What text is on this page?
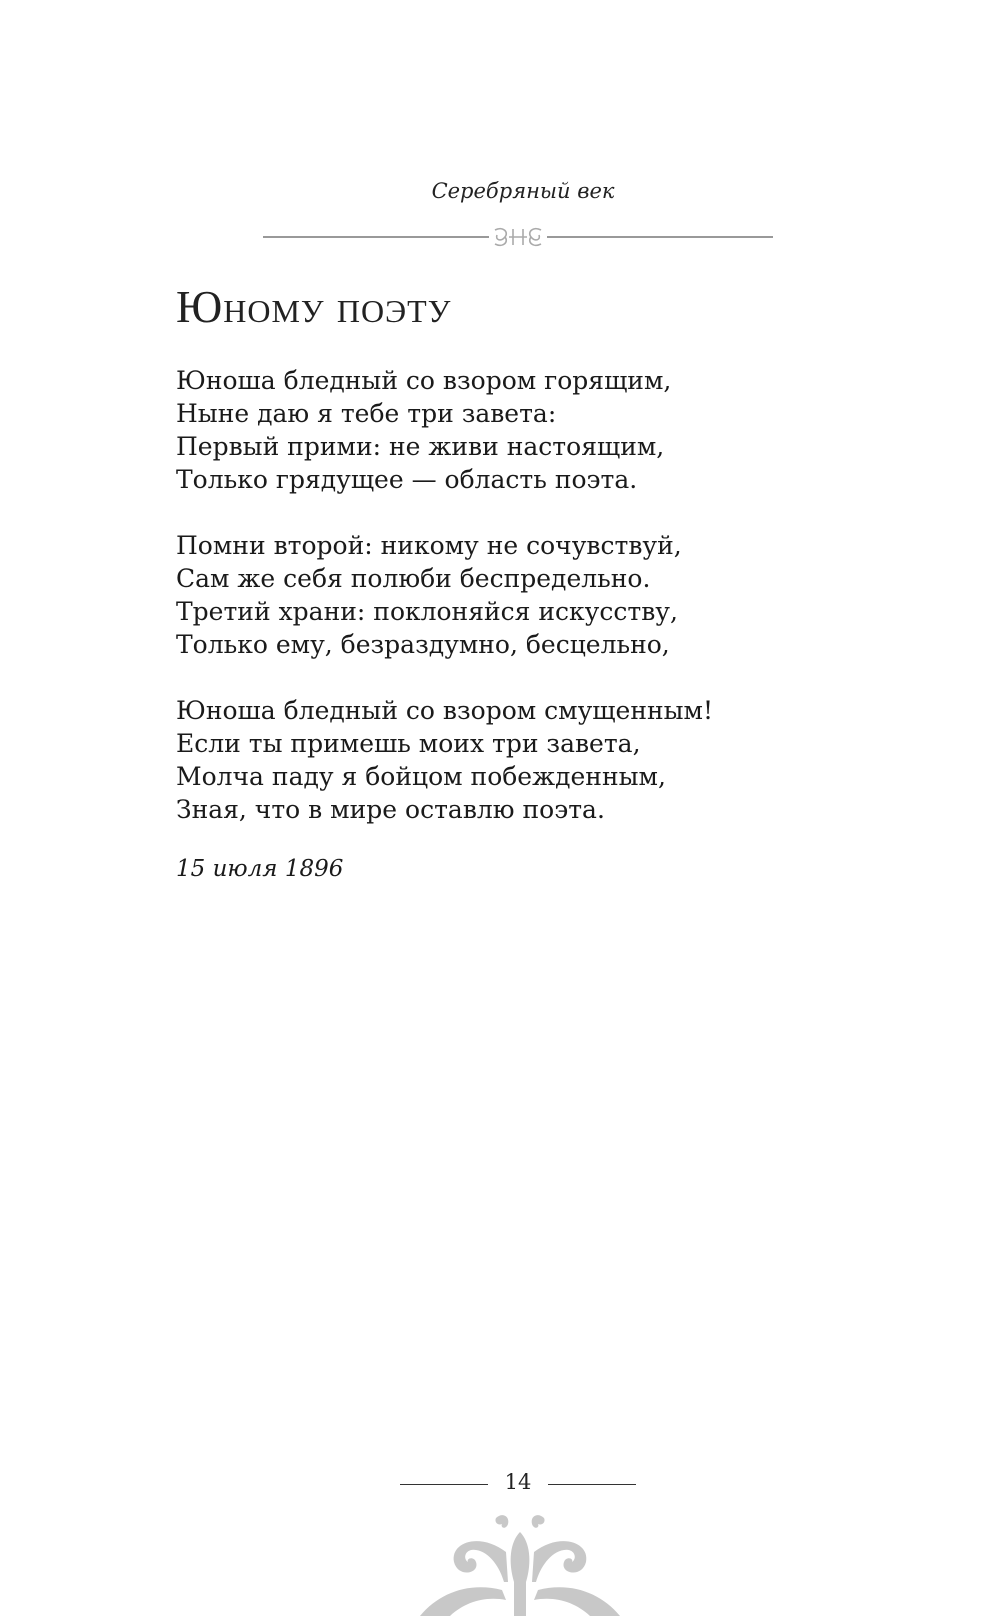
Серебряный век
Юному поэту
Юноша бледный со взором горящим,
Ныне даю я тебе три завета:
Первый прими: не живи настоящим,
Только грядущее — область поэта.
Помни второй: никому не сочувствуй,
Сам же себя полюби беспредельно.
Третий храни: поклоняйся искусству,
Только ему, безраздумно, бесцельно,
Юноша бледный со взором смущенным!
Если ты примешь моих три завета,
Молча паду я бойцом побежденным,
Зная, что в мире оставлю поэта.
15 июля 1896
14
